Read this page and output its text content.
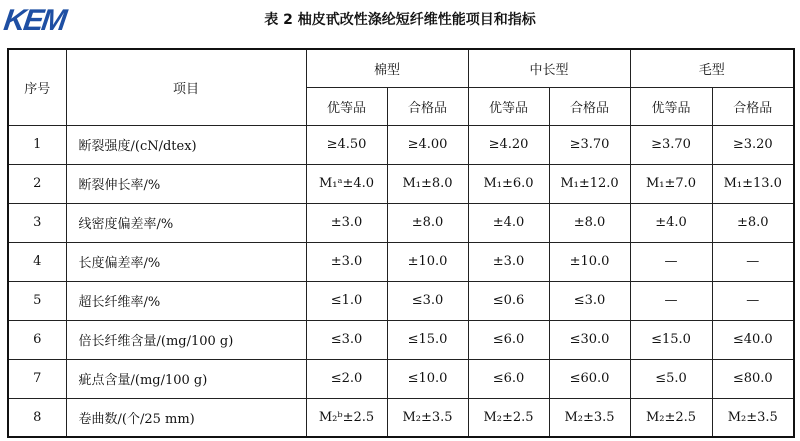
KEM	表 2 柚皮甙改性涤纶短纤维性能项目和指标
序号	项目	棉型		中长型		毛型	
		优等品	合格品	优等品	合格品	优等品	合格品
1	断裂强度/(cN/dtex)	≥4.50	≥4.00	≥4.20	≥3.70	≥3.70	≥3.20
2	断裂伸长率/%	M₁ᵃ±4.0	M₁±8.0	M₁±6.0	M₁±12.0	M₁±7.0	M₁±13.0
3	线密度偏差率/%	±3.0	±8.0	±4.0	±8.0	±4.0	±8.0
4	长度偏差率/%	±3.0	±10.0	±3.0	±10.0	—	—
5	超长纤维率/%	≤1.0	≤3.0	≤0.6	≤3.0	—	—
6	倍长纤维含量/(mg/100 g)	≤3.0	≤15.0	≤6.0	≤30.0	≤15.0	≤40.0
7	疵点含量/(mg/100 g)	≤2.0	≤10.0	≤6.0	≤60.0	≤5.0	≤80.0
8	卷曲数/(个/25 mm)	M₂ᵇ±2.5	M₂±3.5	M₂±2.5	M₂±3.5	M₂±2.5	M₂±3.5
